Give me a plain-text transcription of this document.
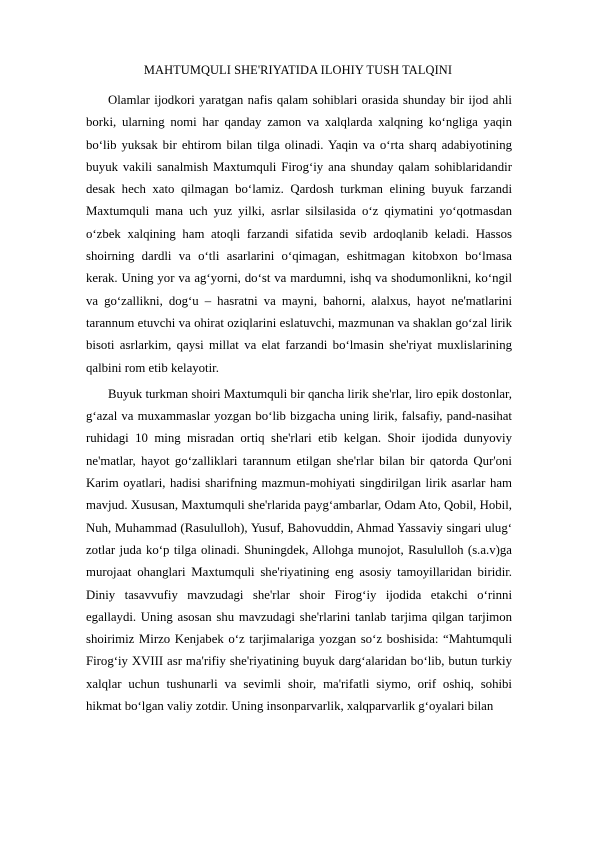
MAHTUMQULI SHE'RIYATIDA ILOHIY TUSH TALQINI

Olamlar ijodkori yaratgan nafis qalam sohiblari orasida shunday bir ijod ahli borki, ularning nomi har qanday zamon va xalqlarda xalqning ko‘ngliga yaqin bo‘lib yuksak bir ehtirom bilan tilga olinadi. Yaqin va o‘rta sharq adabiyotining buyuk vakili sanalmish Maxtumquli Firog‘iy ana shunday qalam sohiblaridandir desak hech xato qilmagan bo‘lamiz. Qardosh turkman elining buyuk farzandi Maxtumquli mana uch yuz yilki, asrlar silsilasida o‘z qiymatini yo‘qotmasdan o‘zbek xalqining ham atoqli farzandi sifatida sevib ardoqlanib keladi. Hassos shoirning dardli va o‘tli asarlarini o‘qimagan, eshitmagan kitobxon bo‘lmasa kerak. Uning yor va ag‘yorni, do‘st va mardumni, ishq va shodumonlikni, ko‘ngil va go‘zallikni, dog‘u – hasratni va mayni, bahorni, alalxus, hayot ne'matlarini tarannum etuvchi va ohirat oziqlarini eslatuvchi, mazmunan va shaklan go‘zal lirik bisoti asrlarkim, qaysi millat va elat farzandi bo‘lmasin she'riyat muxlislarining qalbini rom etib kelayotir.

Buyuk turkman shoiri Maxtumquli bir qancha lirik she'rlar, liro epik dostonlar, g‘azal va muxammaslar yozgan bo‘lib bizgacha uning lirik, falsafiy, pand-nasihat ruhidagi 10 ming misradan ortiq she'rlari etib kelgan. Shoir ijodida dunyoviy ne'matlar, hayot go‘zalliklari tarannum etilgan she'rlar bilan bir qatorda Qur'oni Karim oyatlari, hadisi sharifning mazmun-mohiyati singdirilgan lirik asarlar ham mavjud. Xususan, Maxtumquli she'rlarida payg‘ambarlar, Odam Ato, Qobil, Hobil, Nuh, Muhammad (Rasululloh), Yusuf, Bahovuddin, Ahmad Yassaviy singari ulug‘ zotlar juda ko‘p tilga olinadi. Shuningdek, Allohga munojot, Rasululloh (s.a.v)ga murojaat ohanglari Maxtumquli she'riyatining eng asosiy tamoyillaridan biridir. Diniy tasavvufiy mavzudagi she'rlar shoir Firog‘iy ijodida etakchi o‘rinni egallaydi. Uning asosan shu mavzudagi she'rlarini tanlab tarjima qilgan tarjimon shoirimiz Mirzo Kenjabek o‘z tarjimalariga yozgan so‘z boshisida: “Mahtumquli Firog‘iy XVIII asr ma'rifiy she'riyatining buyuk darg‘alaridan bo‘lib, butun turkiy xalqlar uchun tushunarli va sevimli shoir, ma'rifatli siymo, orif oshiq, sohibi hikmat bo‘lgan valiy zotdir. Uning insonparvarlik, xalqparvarlik g‘oyalari bilan
